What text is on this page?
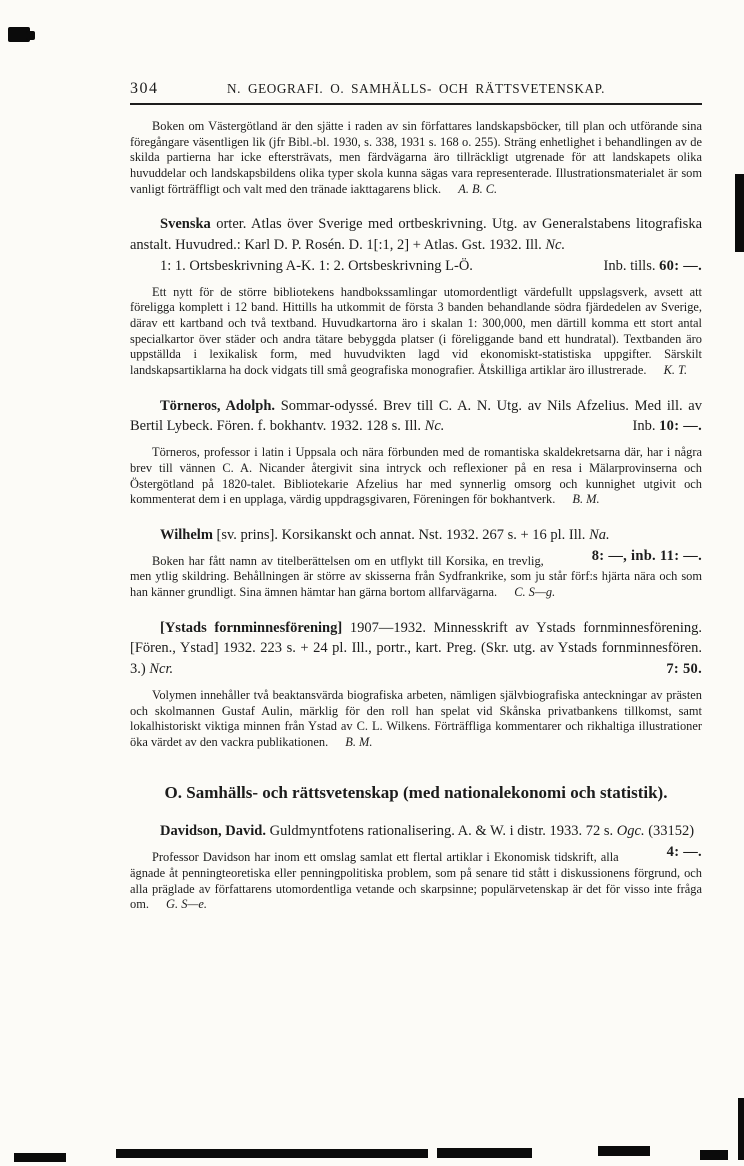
304	N. GEOGRAFI. O. SAMHÄLLS- OCH RÄTTSVETENSKAP.

Boken om Västergötland är den sjätte i raden av sin författares landskapsböcker, till plan och utförande sina föregångare väsentligen lik (jfr Bibl.-bl. 1930, s. 338, 1931 s. 168 o. 255). Sträng enhetlighet i behandlingen av de skilda partierna har icke eftersträvats, men färdvägarna äro tillräckligt utgrenade för att landskapets olika huvuddelar och landskapsbildens olika typer skola kunna sägas vara representerade. Illustrationsmaterialet är som vanligt förträffligt och valt med den tränade iakttagarens blick. A. B. C.

Svenska orter. Atlas över Sverige med ortbeskrivning. Utg. av Generalstabens litografiska anstalt. Huvudred.: Karl D. P. Rosén. D. 1[:1, 2] + Atlas. Gst. 1932. Ill. Nc.
Inb. tills. 60: —.

1: 1. Ortsbeskrivning A-K. 1: 2. Ortsbeskrivning L-Ö.

Ett nytt för de större bibliotekens handbokssamlingar utomordentligt värdefullt uppslagsverk, avsett att föreligga komplett i 12 band. Hittills ha utkommit de första 3 banden behandlande södra fjärdedelen av Sverige, därav ett kartband och två textband. Huvudkartorna äro i skalan 1: 300,000, men därtill komma ett stort antal specialkartor över städer och andra tätare bebyggda platser (i föreliggande band ett hundratal). Textbanden äro uppställda i lexikalisk form, med huvudvikten lagd vid ekonomiskt-statistiska uppgifter. Särskilt landskapsartiklarna ha dock vidgats till små geografiska monografier. Åtskilliga artiklar äro illustrerade. K. T.

Törneros, Adolph. Sommar-odyssé. Brev till C. A. N. Utg. av Nils Afzelius. Med ill. av Bertil Lybeck. Fören. f. bokhantv. 1932. 128 s. Ill. Nc.	Inb. 10: —.

Törneros, professor i latin i Uppsala och nära förbunden med de romantiska skaldekretsarna där, har i några brev till vännen C. A. Nicander återgivit sina intryck och reflexioner på en resa i Mälarprovinserna och Östergötland på 1820-talet. Bibliotekarie Afzelius har med synnerlig omsorg och kunnighet utgivit och kommenterat dem i en upplaga, värdig uppdragsgivaren, Föreningen för bokhantverk. B. M.

Wilhelm [sv. prins]. Korsikanskt och annat. Nst. 1932. 267 s. + 16 pl. Ill. Na.
8: —, inb. 11: —.

Boken har fått namn av titelberättelsen om en utflykt till Korsika, en trevlig, men ytlig skildring. Behållningen är större av skisserna från Sydfrankrike, som ju står förf:s hjärta nära och som han känner grundligt. Sina ämnen hämtar han gärna bortom allfarvägarna. C. S—g.

[Ystads fornminnesförening] 1907—1932. Minnesskrift av Ystads fornminnesförening. [Fören., Ystad] 1932. 223 s. + 24 pl. Ill., portr., kart. Preg. (Skr. utg. av Ystads fornminnesfören. 3.) Ncr.	7: 50.

Volymen innehåller två beaktansvärda biografiska arbeten, nämligen självbiografiska anteckningar av prästen och skolmannen Gustaf Aulin, märklig för den roll han spelat vid Skånska privatbankens tillkomst, samt lokalhistoriskt viktiga minnen från Ystad av C. L. Wilkens. Förträffliga kommentarer och rikhaltiga illustrationer öka värdet av den vackra publikationen. B. M.

O. Samhälls- och rättsvetenskap (med nationalekonomi och statistik).

Davidson, David. Guldmyntfotens rationalisering. A. & W. i distr. 1933. 72 s. Ogc. (33152)
4: —.

Professor Davidson har inom ett omslag samlat ett flertal artiklar i Ekonomisk tidskrift, alla ägnade åt penningteoretiska eller penningpolitiska problem, som på senare tid stått i diskussionens förgrund, och alla präglade av författarens utomordentliga vetande och skarpsinne; populärvetenskap är det för visso inte fråga om. G. S—e.
